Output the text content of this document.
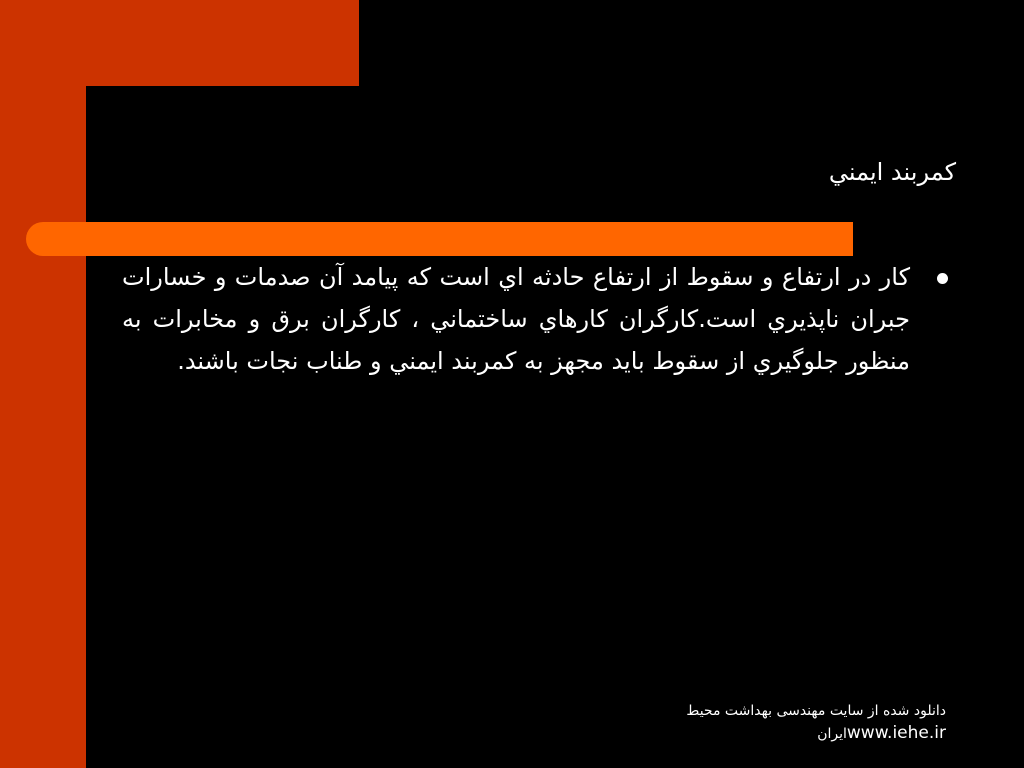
كمربند ايمني
كار در ارتفاع و سقوط از ارتفاع حادثه اي است كه پيامد آن صدمات و خسارات جبران ناپذيري است.كارگران كارهاي ساختماني ، كارگران برق و مخابرات به منظور جلوگيري از سقوط بايد مجهز به كمربند ايمني و طناب نجات باشند.
دانلود شده از سایت مهندسی بهداشت محیط
www.iehe.irایران
